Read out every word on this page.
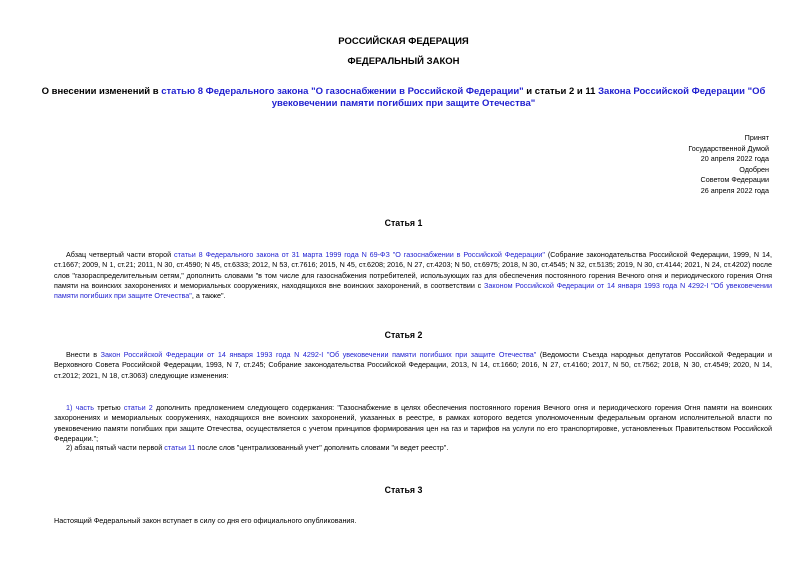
РОССИЙСКАЯ ФЕДЕРАЦИЯ
ФЕДЕРАЛЬНЫЙ ЗАКОН
О внесении изменений в статью 8 Федерального закона "О газоснабжении в Российской Федерации" и статьи 2 и 11 Закона Российской Федерации "Об увековечении памяти погибших при защите Отечества"
Принят
Государственной Думой
20 апреля 2022 года
Одобрен
Советом Федерации
26 апреля 2022 года
Статья 1
Абзац четвертый части второй статьи 8 Федерального закона от 31 марта 1999 года N 69-ФЗ "О газоснабжении в Российской Федерации" (Собрание законодательства Российской Федерации, 1999, N 14, ст.1667; 2009, N 1, ст.21; 2011, N 30, ст.4590; N 45, ст.6333; 2012, N 53, ст.7616; 2015, N 45, ст.6208; 2016, N 27, ст.4203; N 50, ст.6975; 2018, N 30, ст.4545; N 32, ст.5135; 2019, N 30, ст.4144; 2021, N 24, ст.4202) после слов "газораспределительным сетям," дополнить словами "в том числе для газоснабжения потребителей, использующих газ для обеспечения постоянного горения Вечного огня и периодического горения Огня памяти на воинских захоронениях и мемориальных сооружениях, находящихся вне воинских захоронений, в соответствии с Законом Российской Федерации от 14 января 1993 года N 4292-I "Об увековечении памяти погибших при защите Отечества", а также".
Статья 2
Внести в Закон Российской Федерации от 14 января 1993 года N 4292-I "Об увековечении памяти погибших при защите Отечества" (Ведомости Съезда народных депутатов Российской Федерации и Верховного Совета Российской Федерации, 1993, N 7, ст.245; Собрание законодательства Российской Федерации, 2013, N 14, ст.1660; 2016, N 27, ст.4160; 2017, N 50, ст.7562; 2018, N 30, ст.4549; 2020, N 14, ст.2012; 2021, N 18, ст.3063) следующие изменения:
1) часть третью статьи 2 дополнить предложением следующего содержания: "Газоснабжение в целях обеспечения постоянного горения Вечного огня и периодического горения Огня памяти на воинских захоронениях и мемориальных сооружениях, находящихся вне воинских захоронений, указанных в реестре, в рамках которого ведется уполномоченным федеральным органом исполнительной власти по увековечению памяти погибших при защите Отечества, осуществляется с учетом принципов формирования цен на газ и тарифов на услуги по его транспортировке, установленных Правительством Российской Федерации.";
2) абзац пятый части первой статьи 11 после слов "централизованный учет" дополнить словами "и ведет реестр".
Статья 3
Настоящий Федеральный закон вступает в силу со дня его официального опубликования.
